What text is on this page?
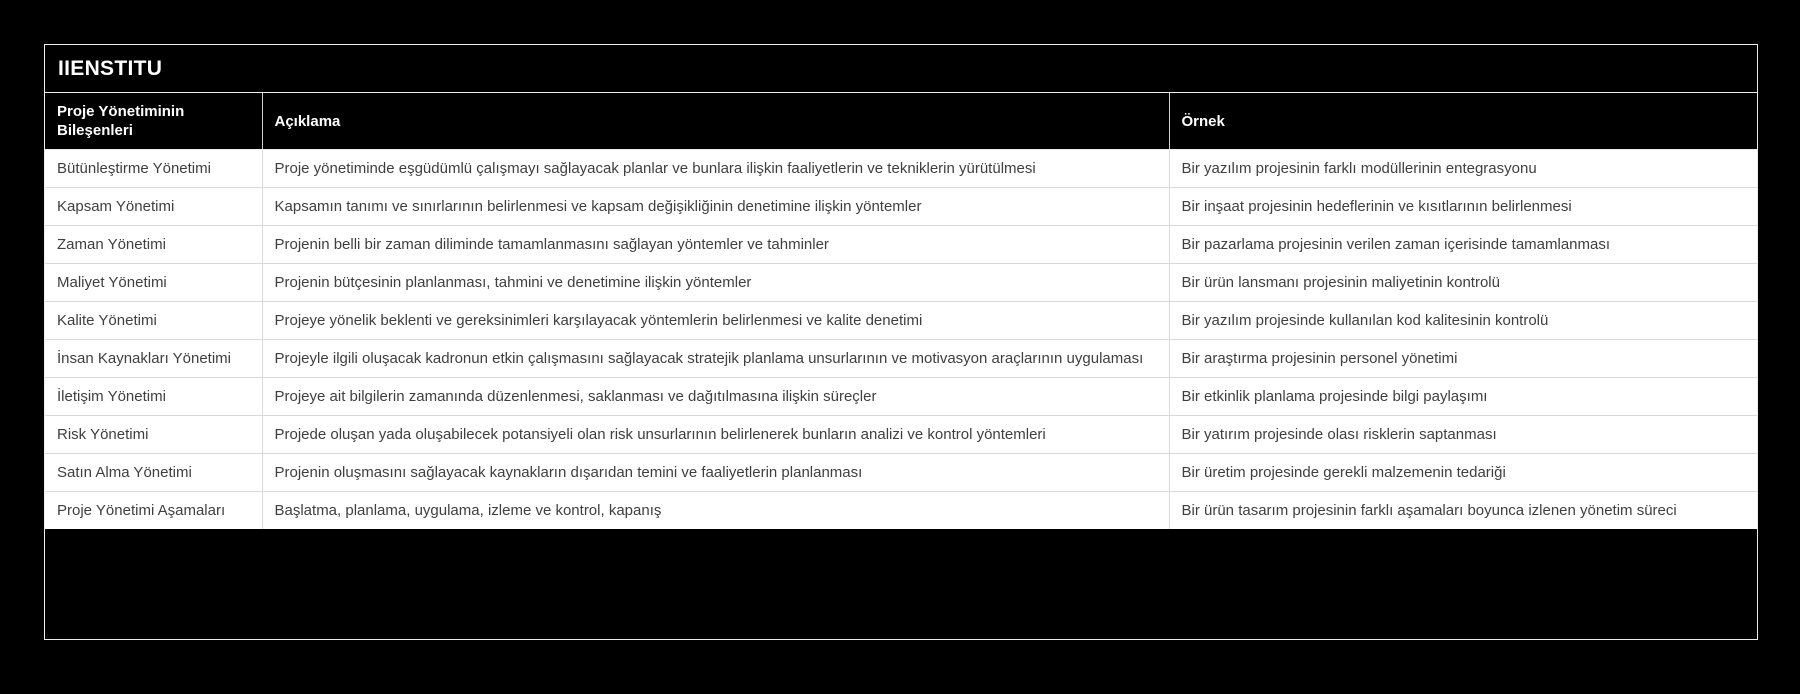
IIENSTITU
Proje Yönetiminin Bileşenleri	Açıklama	Örnek
Bütünleştirme Yönetimi	Proje yönetiminde eşgüdümlü çalışmayı sağlayacak planlar ve bunlara ilişkin faaliyetlerin ve tekniklerin yürütülmesi	Bir yazılım projesinin farklı modüllerinin entegrasyonu
Kapsam Yönetimi	Kapsamın tanımı ve sınırlarının belirlenmesi ve kapsam değişikliğinin denetimine ilişkin yöntemler	Bir inşaat projesinin hedeflerinin ve kısıtlarının belirlenmesi
Zaman Yönetimi	Projenin belli bir zaman diliminde tamamlanmasını sağlayan yöntemler ve tahminler	Bir pazarlama projesinin verilen zaman içerisinde tamamlanması
Maliyet Yönetimi	Projenin bütçesinin planlanması, tahmini ve denetimine ilişkin yöntemler	Bir ürün lansmanı projesinin maliyetinin kontrolü
Kalite Yönetimi	Projeye yönelik beklenti ve gereksinimleri karşılayacak yöntemlerin belirlenmesi ve kalite denetimi	Bir yazılım projesinde kullanılan kod kalitesinin kontrolü
İnsan Kaynakları Yönetimi	Projeyle ilgili oluşacak kadronun etkin çalışmasını sağlayacak stratejik planlama unsurlarının ve motivasyon araçlarının uygulaması	Bir araştırma projesinin personel yönetimi
İletişim Yönetimi	Projeye ait bilgilerin zamanında düzenlenmesi, saklanması ve dağıtılmasına ilişkin süreçler	Bir etkinlik planlama projesinde bilgi paylaşımı
Risk Yönetimi	Projede oluşan yada oluşabilecek potansiyeli olan risk unsurlarının belirlenerek bunların analizi ve kontrol yöntemleri	Bir yatırım projesinde olası risklerin saptanması
Satın Alma Yönetimi	Projenin oluşmasını sağlayacak kaynakların dışarıdan temini ve faaliyetlerin planlanması	Bir üretim projesinde gerekli malzemenin tedariği
Proje Yönetimi Aşamaları	Başlatma, planlama, uygulama, izleme ve kontrol, kapanış	Bir ürün tasarım projesinin farklı aşamaları boyunca izlenen yönetim süreci
